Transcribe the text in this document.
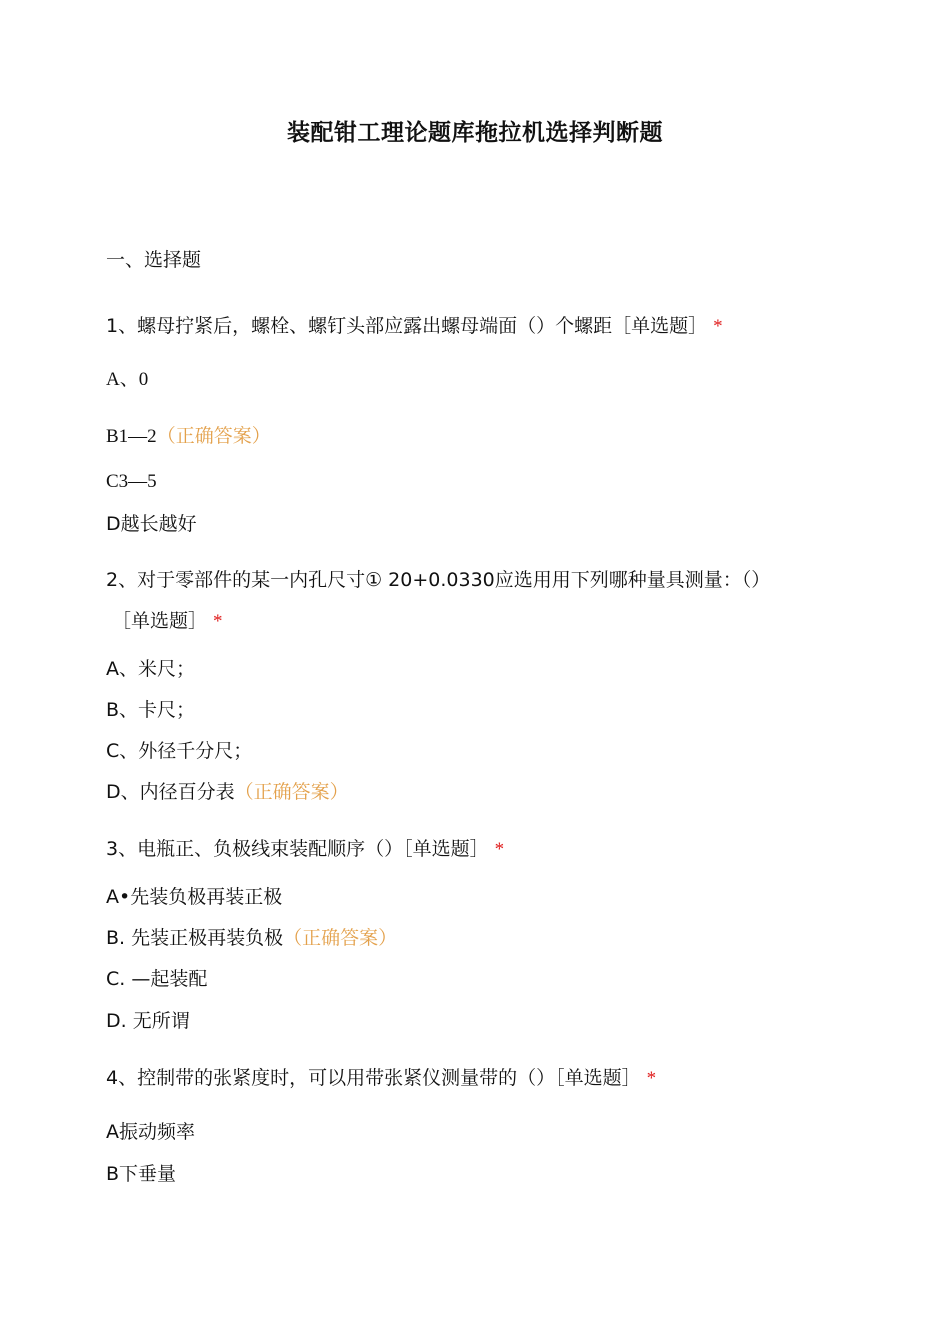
装配钳工理论题库拖拉机选择判断题
一、选择题
1、螺母拧紧后，螺栓、螺钉头部应露出螺母端面（）个螺距［单选题］ *
A、0
B1—2（正确答案）
C3—5
D越长越好
2、对于零部件的某一内孔尺寸① 20+0.0330应选用用下列哪种量具测量：（）
［单选题］ *
A、米尺；
B、卡尺；
C、外径千分尺；
D、内径百分表（正确答案）
3、电瓶正、负极线束装配顺序（）［单选题］ *
A•先装负极再装正极
B. 先装正极再装负极（正确答案）
C. —起装配
D. 无所谓
4、控制带的张紧度时，可以用带张紧仪测量带的（）［单选题］ *
A振动频率
B下垂量
